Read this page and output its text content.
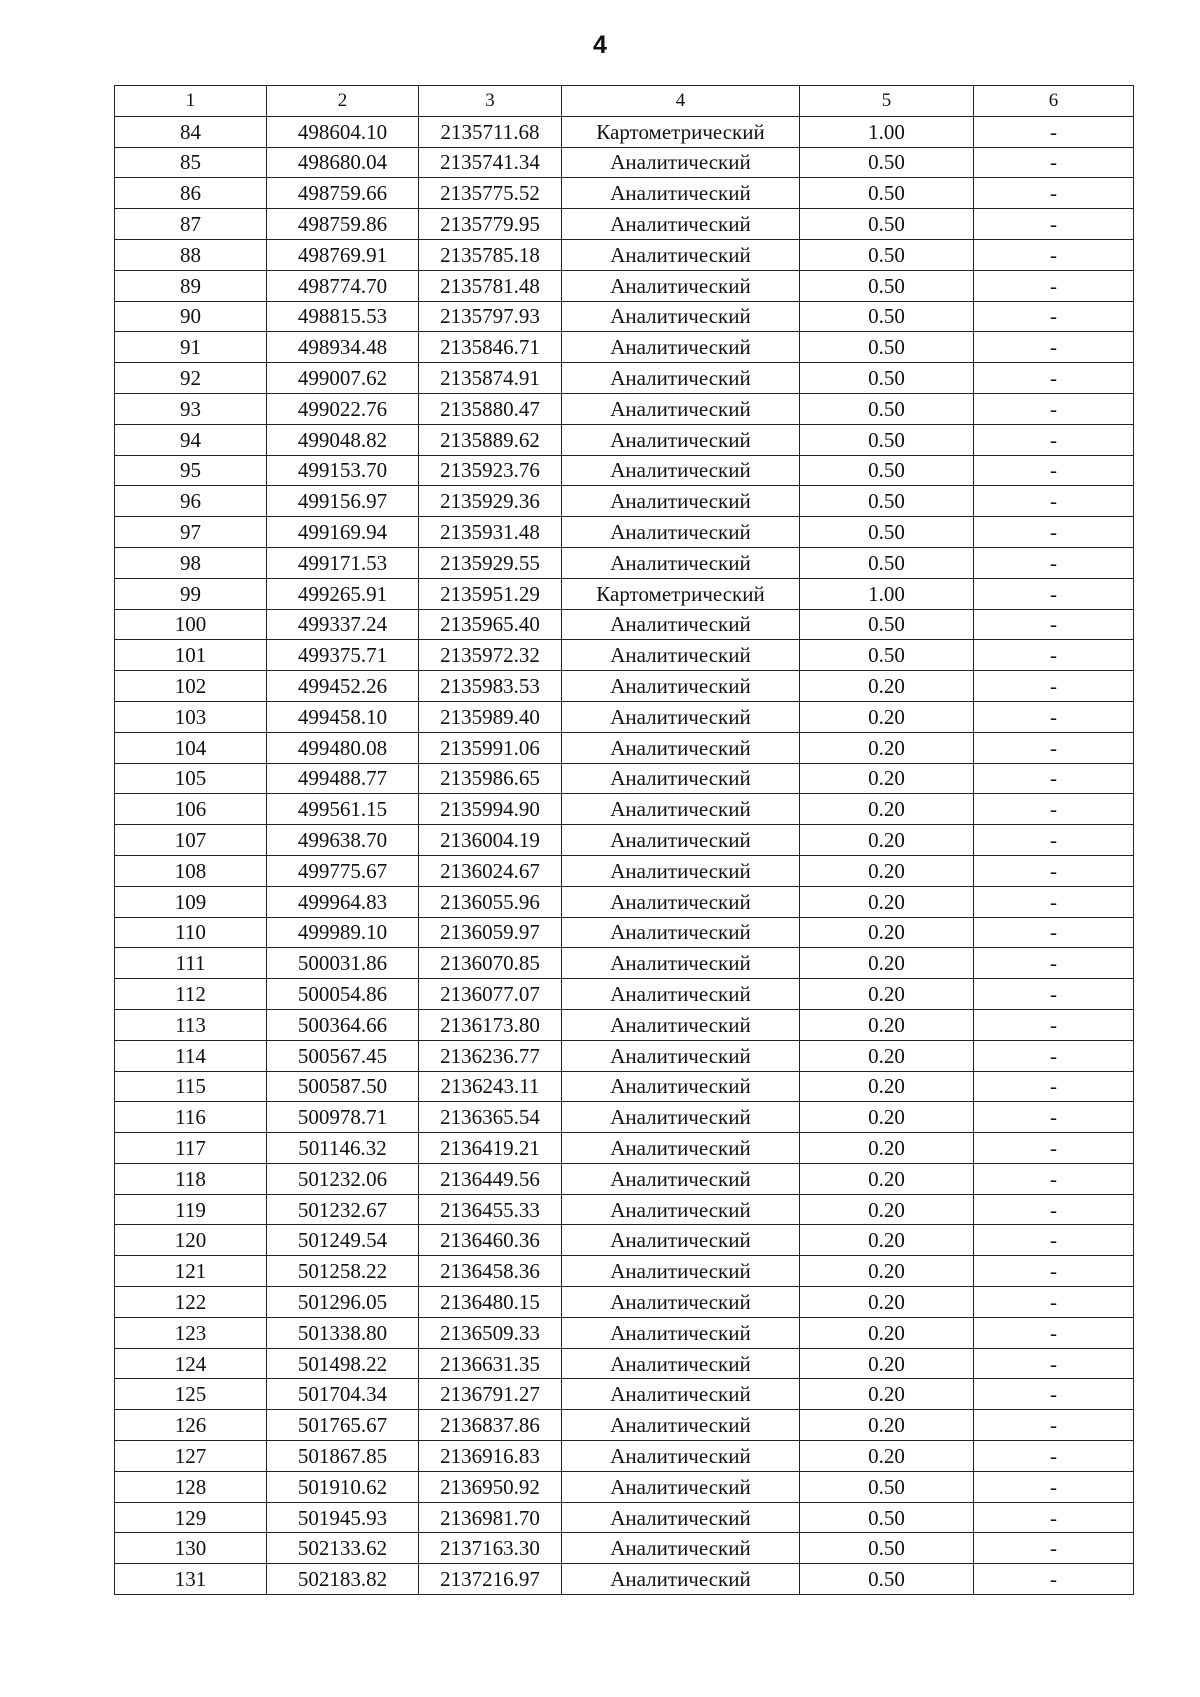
4
1	2	3	4	5	6
84	498604.10	2135711.68	Картометрический	1.00	-
85	498680.04	2135741.34	Аналитический	0.50	-
86	498759.66	2135775.52	Аналитический	0.50	-
87	498759.86	2135779.95	Аналитический	0.50	-
88	498769.91	2135785.18	Аналитический	0.50	-
89	498774.70	2135781.48	Аналитический	0.50	-
90	498815.53	2135797.93	Аналитический	0.50	-
91	498934.48	2135846.71	Аналитический	0.50	-
92	499007.62	2135874.91	Аналитический	0.50	-
93	499022.76	2135880.47	Аналитический	0.50	-
94	499048.82	2135889.62	Аналитический	0.50	-
95	499153.70	2135923.76	Аналитический	0.50	-
96	499156.97	2135929.36	Аналитический	0.50	-
97	499169.94	2135931.48	Аналитический	0.50	-
98	499171.53	2135929.55	Аналитический	0.50	-
99	499265.91	2135951.29	Картометрический	1.00	-
100	499337.24	2135965.40	Аналитический	0.50	-
101	499375.71	2135972.32	Аналитический	0.50	-
102	499452.26	2135983.53	Аналитический	0.20	-
103	499458.10	2135989.40	Аналитический	0.20	-
104	499480.08	2135991.06	Аналитический	0.20	-
105	499488.77	2135986.65	Аналитический	0.20	-
106	499561.15	2135994.90	Аналитический	0.20	-
107	499638.70	2136004.19	Аналитический	0.20	-
108	499775.67	2136024.67	Аналитический	0.20	-
109	499964.83	2136055.96	Аналитический	0.20	-
110	499989.10	2136059.97	Аналитический	0.20	-
111	500031.86	2136070.85	Аналитический	0.20	-
112	500054.86	2136077.07	Аналитический	0.20	-
113	500364.66	2136173.80	Аналитический	0.20	-
114	500567.45	2136236.77	Аналитический	0.20	-
115	500587.50	2136243.11	Аналитический	0.20	-
116	500978.71	2136365.54	Аналитический	0.20	-
117	501146.32	2136419.21	Аналитический	0.20	-
118	501232.06	2136449.56	Аналитический	0.20	-
119	501232.67	2136455.33	Аналитический	0.20	-
120	501249.54	2136460.36	Аналитический	0.20	-
121	501258.22	2136458.36	Аналитический	0.20	-
122	501296.05	2136480.15	Аналитический	0.20	-
123	501338.80	2136509.33	Аналитический	0.20	-
124	501498.22	2136631.35	Аналитический	0.20	-
125	501704.34	2136791.27	Аналитический	0.20	-
126	501765.67	2136837.86	Аналитический	0.20	-
127	501867.85	2136916.83	Аналитический	0.20	-
128	501910.62	2136950.92	Аналитический	0.50	-
129	501945.93	2136981.70	Аналитический	0.50	-
130	502133.62	2137163.30	Аналитический	0.50	-
131	502183.82	2137216.97	Аналитический	0.50	-
